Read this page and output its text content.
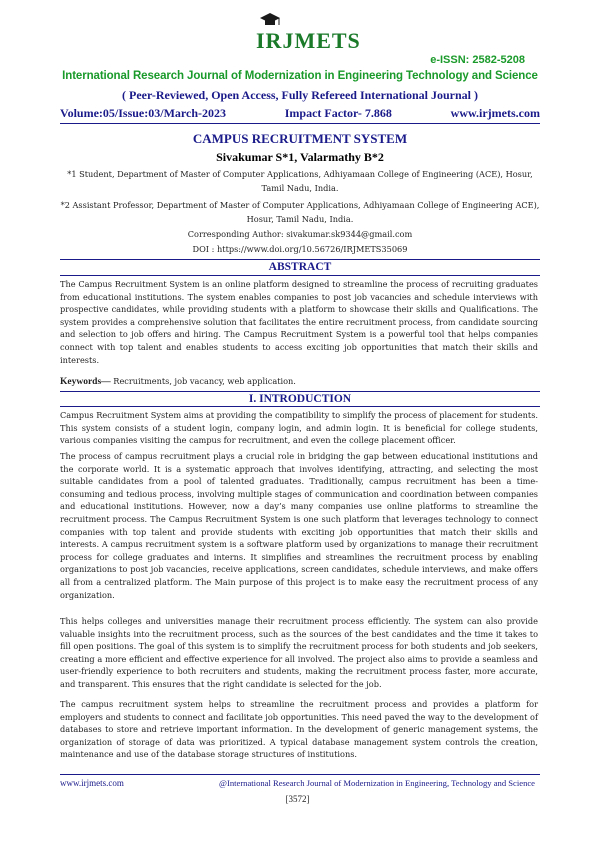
IRJMETS
e-ISSN: 2582-5208
International Research Journal of Modernization in Engineering Technology and Science
( Peer-Reviewed, Open Access, Fully Refereed International Journal )
Volume:05/Issue:03/March-2023	Impact Factor- 7.868	www.irjmets.com
CAMPUS RECRUITMENT SYSTEM
Sivakumar S*1, Valarmathy B*2
*1 Student, Department of Master of Computer Applications, Adhiyamaan College of Engineering (ACE), Hosur, Tamil Nadu, India.
*2 Assistant Professor, Department of Master of Computer Applications, Adhiyamaan College of Engineering ACE), Hosur, Tamil Nadu, India.
Corresponding Author: sivakumar.sk9344@gmail.com
DOI : https://www.doi.org/10.56726/IRJMETS35069
ABSTRACT
The Campus Recruitment System is an online platform designed to streamline the process of recruiting graduates from educational institutions. The system enables companies to post job vacancies and schedule interviews with prospective candidates, while providing students with a platform to showcase their skills and Qualifications. The system provides a comprehensive solution that facilitates the entire recruitment process, from candidate sourcing and selection to job offers and hiring. The Campus Recruitment System is a powerful tool that helps companies connect with top talent and enables students to access exciting job opportunities that match their skills and interests.
Keywords— Recruitments, job vacancy, web application.
I. INTRODUCTION
Campus Recruitment System aims at providing the compatibility to simplify the process of placement for students. This system consists of a student login, company login, and admin login. It is beneficial for college students, various companies visiting the campus for recruitment, and even the college placement officer.
The process of campus recruitment plays a crucial role in bridging the gap between educational institutions and the corporate world. It is a systematic approach that involves identifying, attracting, and selecting the most suitable candidates from a pool of talented graduates. Traditionally, campus recruitment has been a time-consuming and tedious process, involving multiple stages of communication and coordination between companies and educational institutions. However, now a day’s many companies use online platforms to streamline the recruitment process. The Campus Recruitment System is one such platform that leverages technology to connect companies with top talent and provide students with exciting job opportunities that match their skills and interests. A campus recruitment system is a software platform used by organizations to manage their recruitment process for college graduates and interns. It simplifies and streamlines the recruitment process by enabling organizations to post job vacancies, receive applications, screen candidates, schedule interviews, and make offers all from a centralized platform. The Main purpose of this project is to make easy the recruitment process of any organization.
This helps colleges and universities manage their recruitment process efficiently. The system can also provide valuable insights into the recruitment process, such as the sources of the best candidates and the time it takes to fill open positions. The goal of this system is to simplify the recruitment process for both students and job seekers, creating a more efficient and effective experience for all involved. The project also aims to provide a seamless and user-friendly experience to both recruiters and students, making the recruitment process faster, more accurate, and transparent. This ensures that the right candidate is selected for the job.
The campus recruitment system helps to streamline the recruitment process and provides a platform for employers and students to connect and facilitate job opportunities. This need paved the way to the development of databases to store and retrieve important information. In the development of generic management systems, the organization of storage of data was prioritized. A typical database management system controls the creation, maintenance and use of the database storage structures of institutions.
www.irjmets.com	@International Research Journal of Modernization in Engineering, Technology and Science
[3572]
